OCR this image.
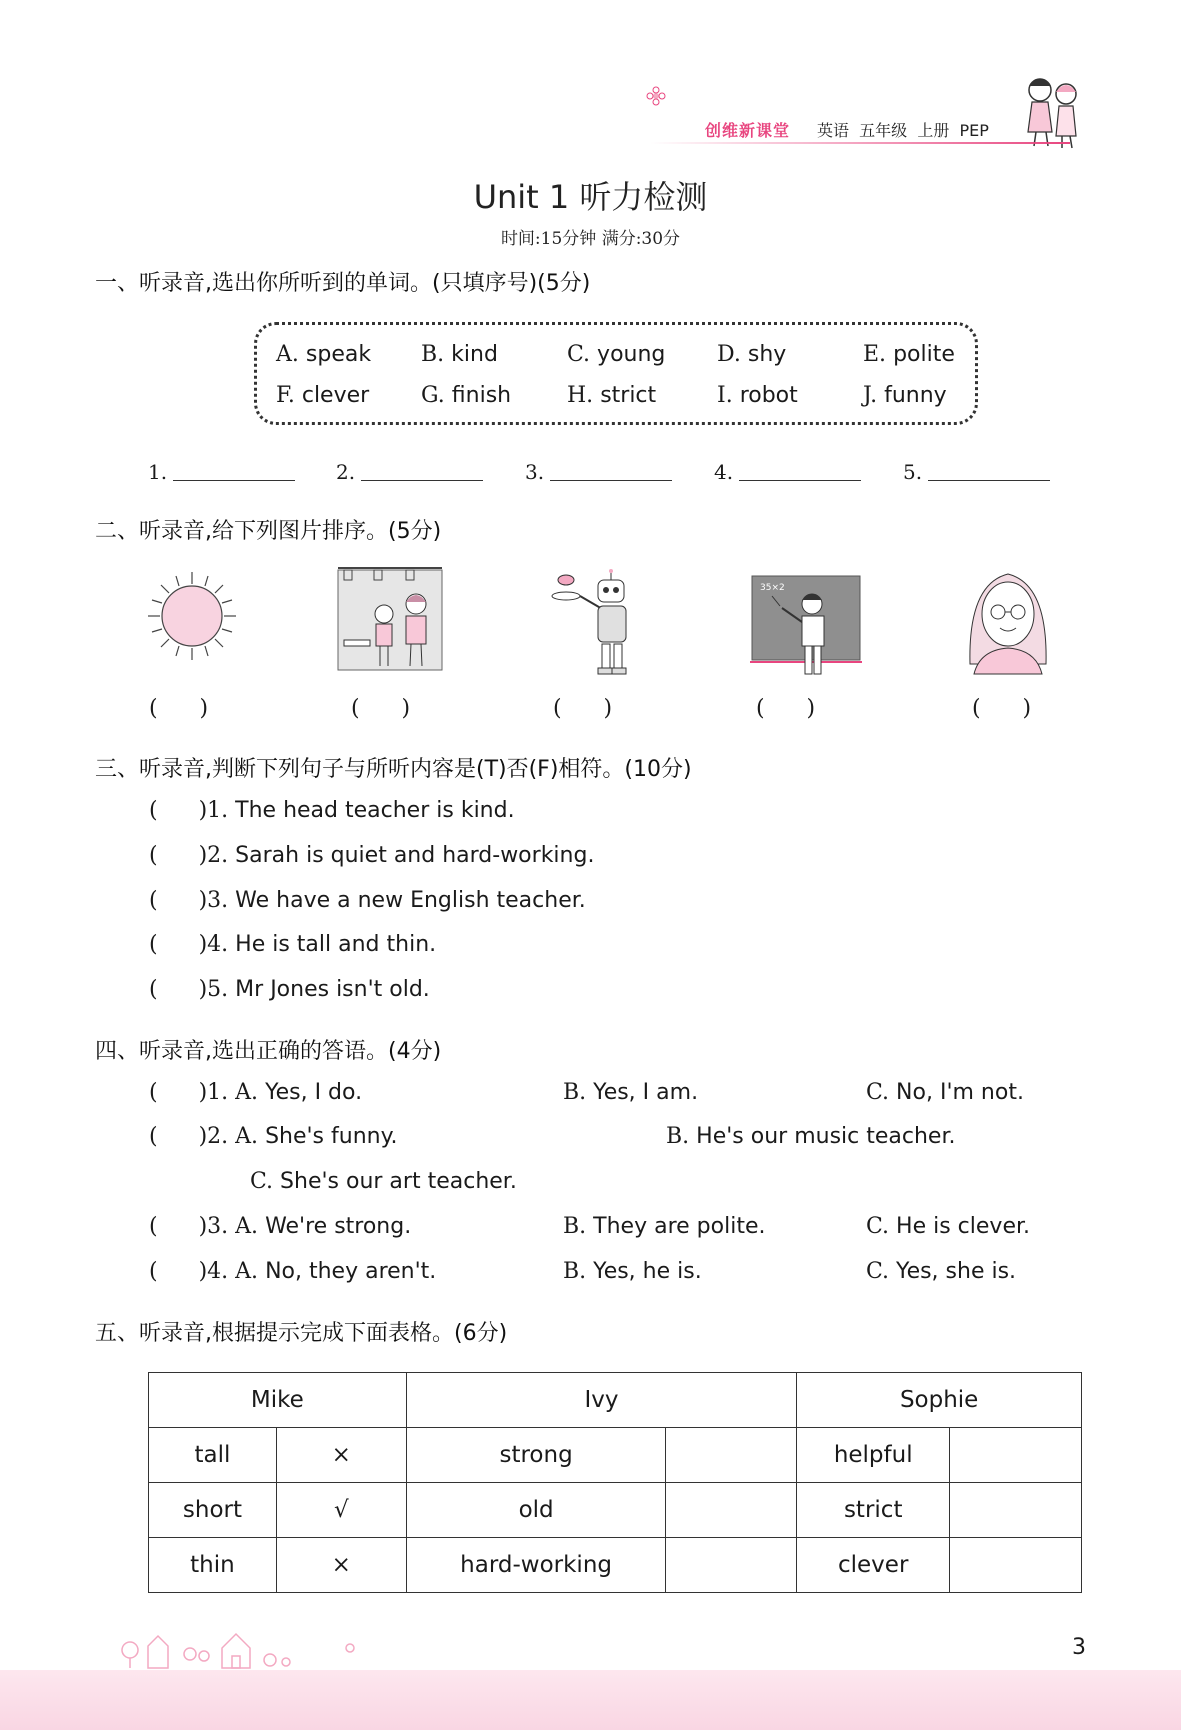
创维新课堂 英语  五年级  上册  PEP
Unit 1 听力检测
时间:15分钟 满分:30分
一、听录音,选出你所听到的单词。(只填序号)(5分)
A. speak B. kind	C. young D. shy	E. polite
F. clever G. finish	H. strict	I. robot	J. funny
1.	2.	3.	4.	5.
二、听录音,给下列图片排序。(5分)
35×2
(      )	(      )	(      )	(      )	(      )
三、听录音,判断下列句子与所听内容是(T)否(F)相符。(10分)
( )1. The head teacher is kind.
( )2. Sarah is quiet and hard-working.
( )3. We have a new English teacher.
( )4. He is tall and thin.
( )5. Mr Jones isn't old.
四、听录音,选出正确的答语。(4分)
( )1. A. Yes, I do.	B. Yes, I am.	C. No, I'm not.
( )2. A. She's funny.	B. He's our music teacher.
C. She's our art teacher.
( )3. A. We're strong.	B. They are polite.	C. He is clever.
( )4. A. No, they aren't.	B. Yes, he is.	C. Yes, she is.
五、听录音,根据提示完成下面表格。(6分)
Mike		Ivy		Sophie	
tall	×	strong		helpful	
short	√	old		strict	
thin	×	hard-working		clever	
3
